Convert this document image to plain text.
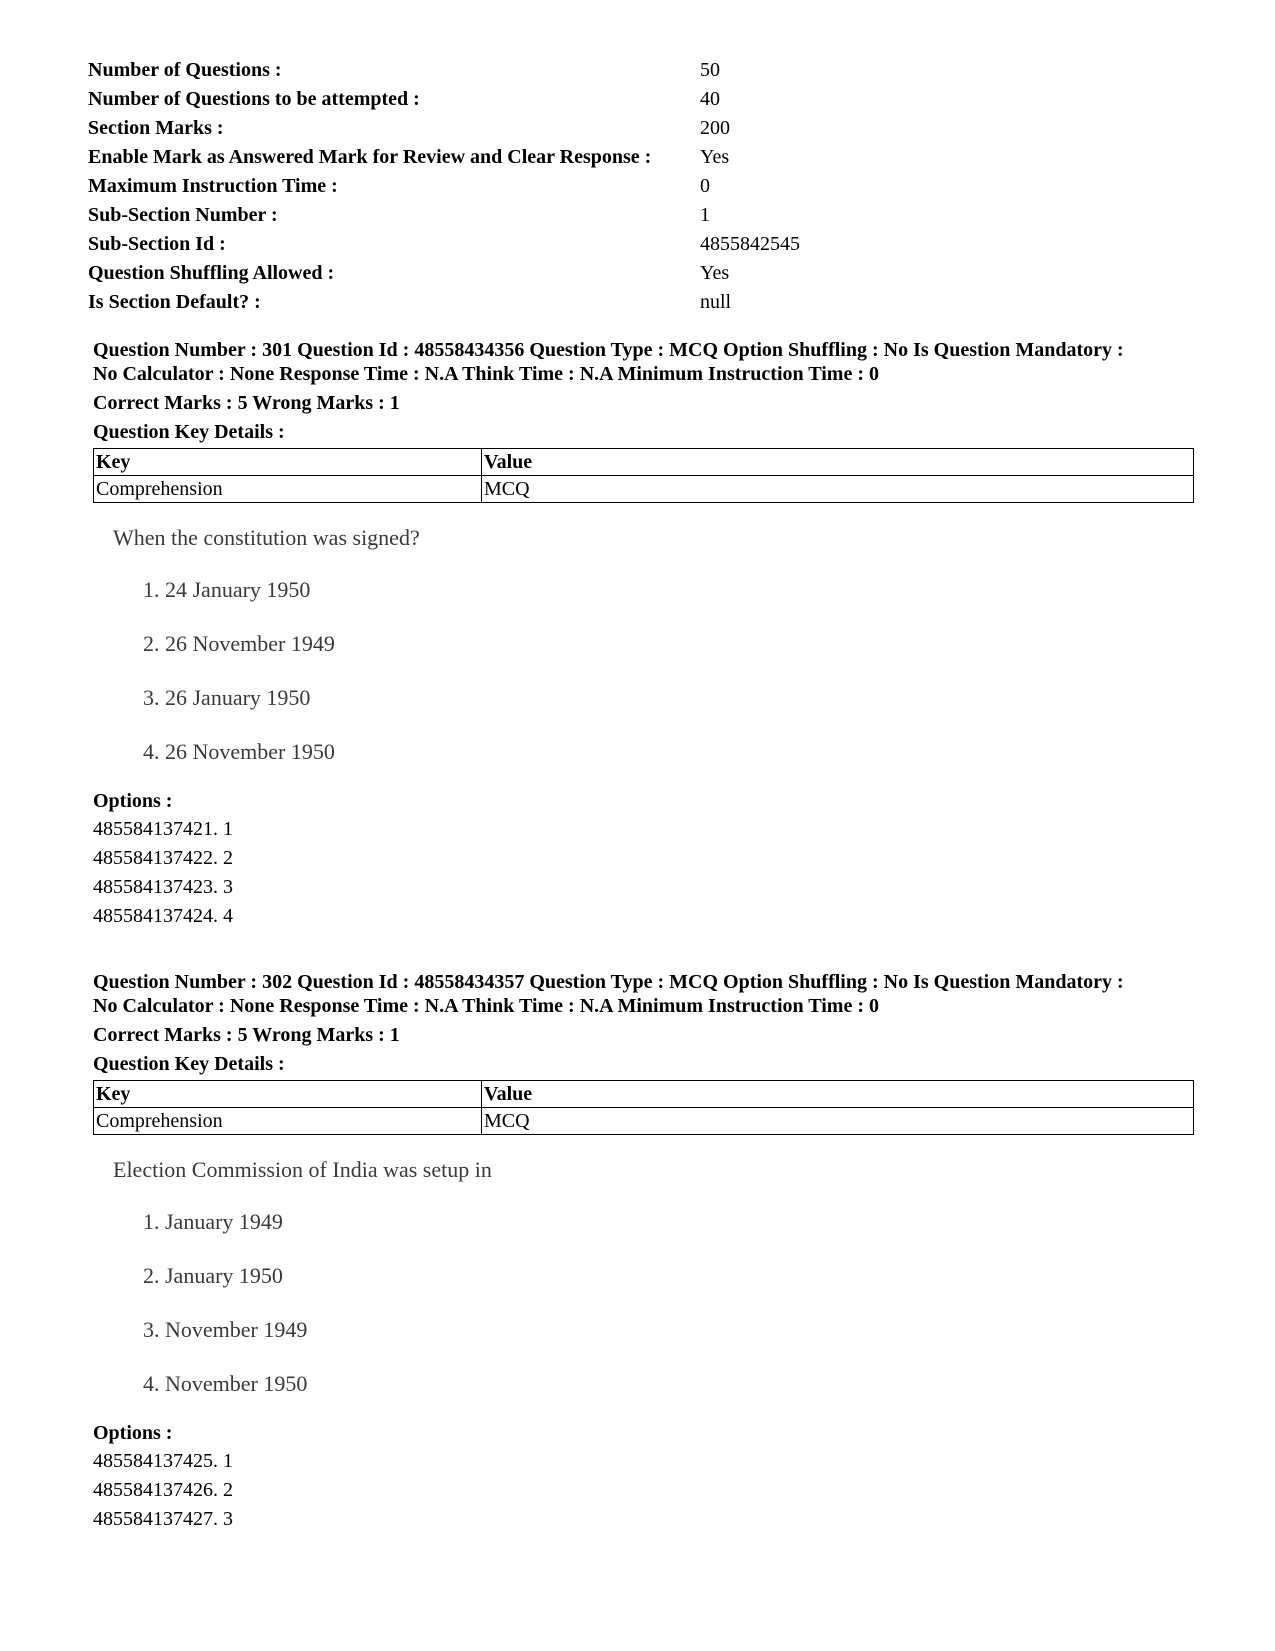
Number of Questions :	50
Number of Questions to be attempted :	40
Section Marks :	200
Enable Mark as Answered Mark for Review and Clear Response :	Yes
Maximum Instruction Time :	0
Sub-Section Number :	1
Sub-Section Id :	4855842545
Question Shuffling Allowed :	Yes
Is Section Default? :	null
Question Number : 301 Question Id : 48558434356 Question Type : MCQ Option Shuffling : No Is Question Mandatory :
No Calculator : None Response Time : N.A Think Time : N.A Minimum Instruction Time : 0
Correct Marks : 5 Wrong Marks : 1
Question Key Details :
Key	Value
Comprehension	MCQ
When the constitution was signed?
1. 24 January 1950
2. 26 November 1949
3. 26 January 1950
4. 26 November 1950
Options :
485584137421. 1
485584137422. 2
485584137423. 3
485584137424. 4
Question Number : 302 Question Id : 48558434357 Question Type : MCQ Option Shuffling : No Is Question Mandatory :
No Calculator : None Response Time : N.A Think Time : N.A Minimum Instruction Time : 0
Correct Marks : 5 Wrong Marks : 1
Question Key Details :
Key	Value
Comprehension	MCQ
Election Commission of India was setup in
1. January 1949
2. January 1950
3. November 1949
4. November 1950
Options :
485584137425. 1
485584137426. 2
485584137427. 3
